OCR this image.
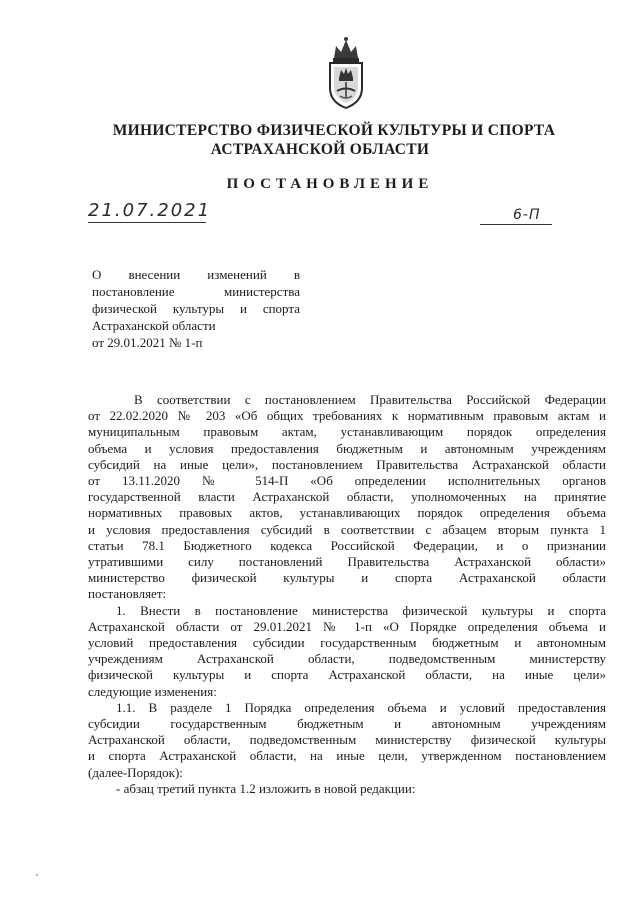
МИНИСТЕРСТВО ФИЗИЧЕСКОЙ КУЛЬТУРЫ И СПОРТА
АСТРАХАНСКОЙ ОБЛАСТИ
ПОСТАНОВЛЕНИЕ
21.07.2021	6-П
О внесении изменений в
постановление министерства
физической культуры и спорта
Астраханской области
от 29.01.2021 № 1-п
В соответствии с постановлением Правительства Российской Федерации
от 22.02.2020 № 203 «Об общих требованиях к нормативным правовым актам и
муниципальным правовым актам, устанавливающим порядок определения
объема и условия предоставления бюджетным и автономным учреждениям
субсидий на иные цели», постановлением Правительства Астраханской области
от 13.11.2020 № 514-П «Об определении исполнительных органов
государственной власти Астраханской области, уполномоченных на принятие
нормативных правовых актов, устанавливающих порядок определения объема
и условия предоставления субсидий в соответствии с абзацем вторым пункта 1
статьи 78.1 Бюджетного кодекса Российской Федерации, и о признании
утратившими силу постановлений Правительства Астраханской области»
министерство физической культуры и спорта Астраханской области
постановляет:
1. Внести в постановление министерства физической культуры и спорта
Астраханской области от 29.01.2021 № 1-п «О Порядке определения объема и
условий предоставления субсидии государственным бюджетным и автономным
учреждениям Астраханской области, подведомственным министерству
физической культуры и спорта Астраханской области, на иные цели»
следующие изменения:
1.1. В разделе 1 Порядка определения объема и условий предоставления
субсидии государственным бюджетным и автономным учреждениям
Астраханской области, подведомственным министерству физической культуры
и спорта Астраханской области, на иные цели, утвержденном постановлением
(далее-Порядок):
- абзац третий пункта 1.2 изложить в новой редакции:
